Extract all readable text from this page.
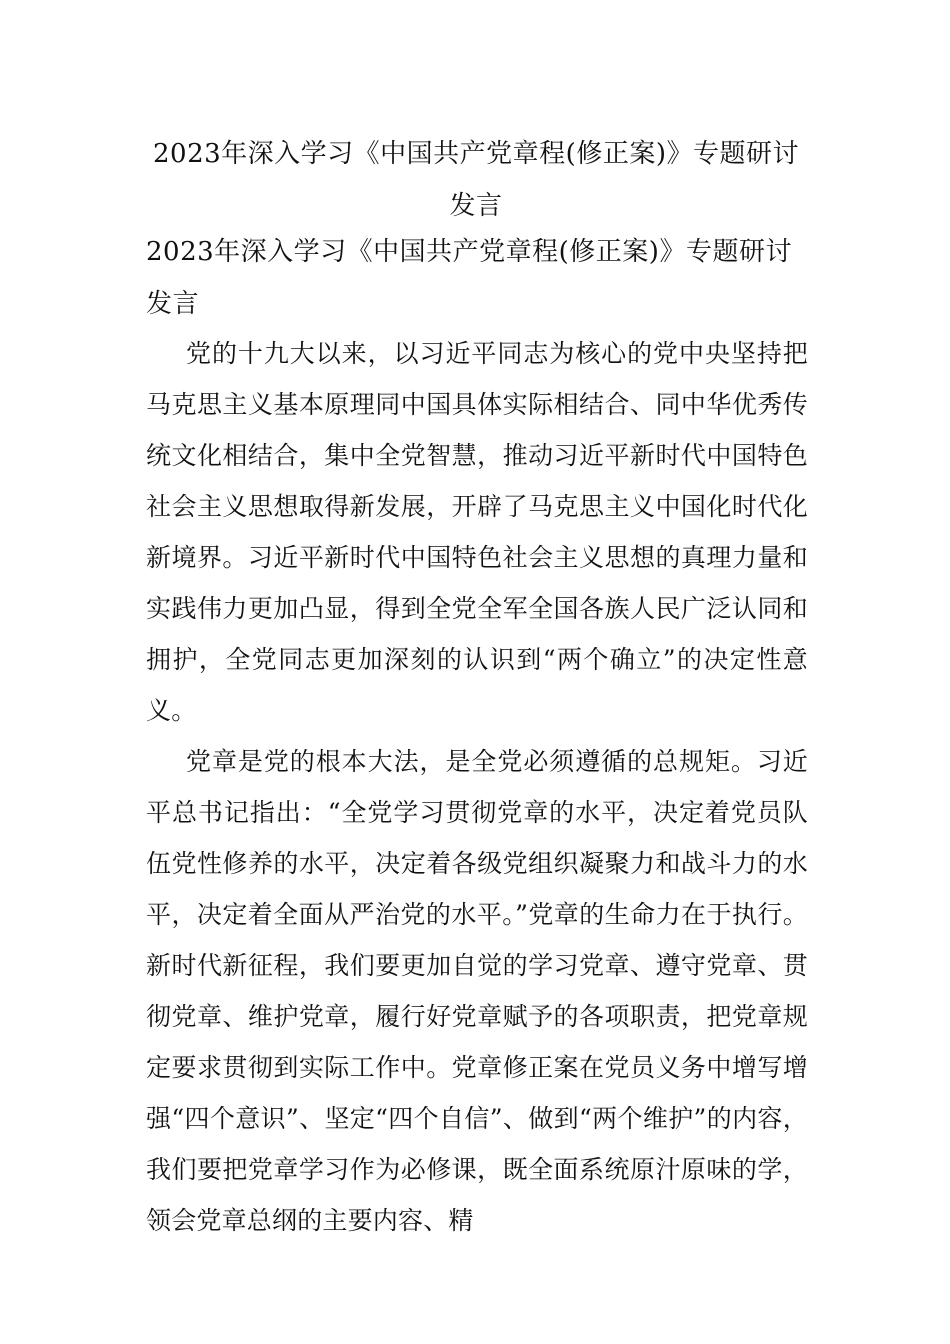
2023年深入学习《中国共产党章程(修正案)》专题研讨发言
2023年深入学习《中国共产党章程(修正案)》专题研讨发言

党的十九大以来，以习近平同志为核心的党中央坚持把马克思主义基本原理同中国具体实际相结合、同中华优秀传统文化相结合，集中全党智慧，推动习近平新时代中国特色社会主义思想取得新发展，开辟了马克思主义中国化时代化新境界。习近平新时代中国特色社会主义思想的真理力量和实践伟力更加凸显，得到全党全军全国各族人民广泛认同和拥护，全党同志更加深刻的认识到“两个确立”的决定性意义。

党章是党的根本大法，是全党必须遵循的总规矩。习近平总书记指出：“全党学习贯彻党章的水平，决定着党员队伍党性修养的水平，决定着各级党组织凝聚力和战斗力的水平，决定着全面从严治党的水平。”党章的生命力在于执行。新时代新征程，我们要更加自觉的学习党章、遵守党章、贯彻党章、维护党章，履行好党章赋予的各项职责，把党章规定要求贯彻到实际工作中。党章修正案在党员义务中增写增强“四个意识”、坚定“四个自信”、做到“两个维护”的内容，我们要把党章学习作为必修课，既全面系统原汁原味的学，领会党章总纲的主要内容、精
